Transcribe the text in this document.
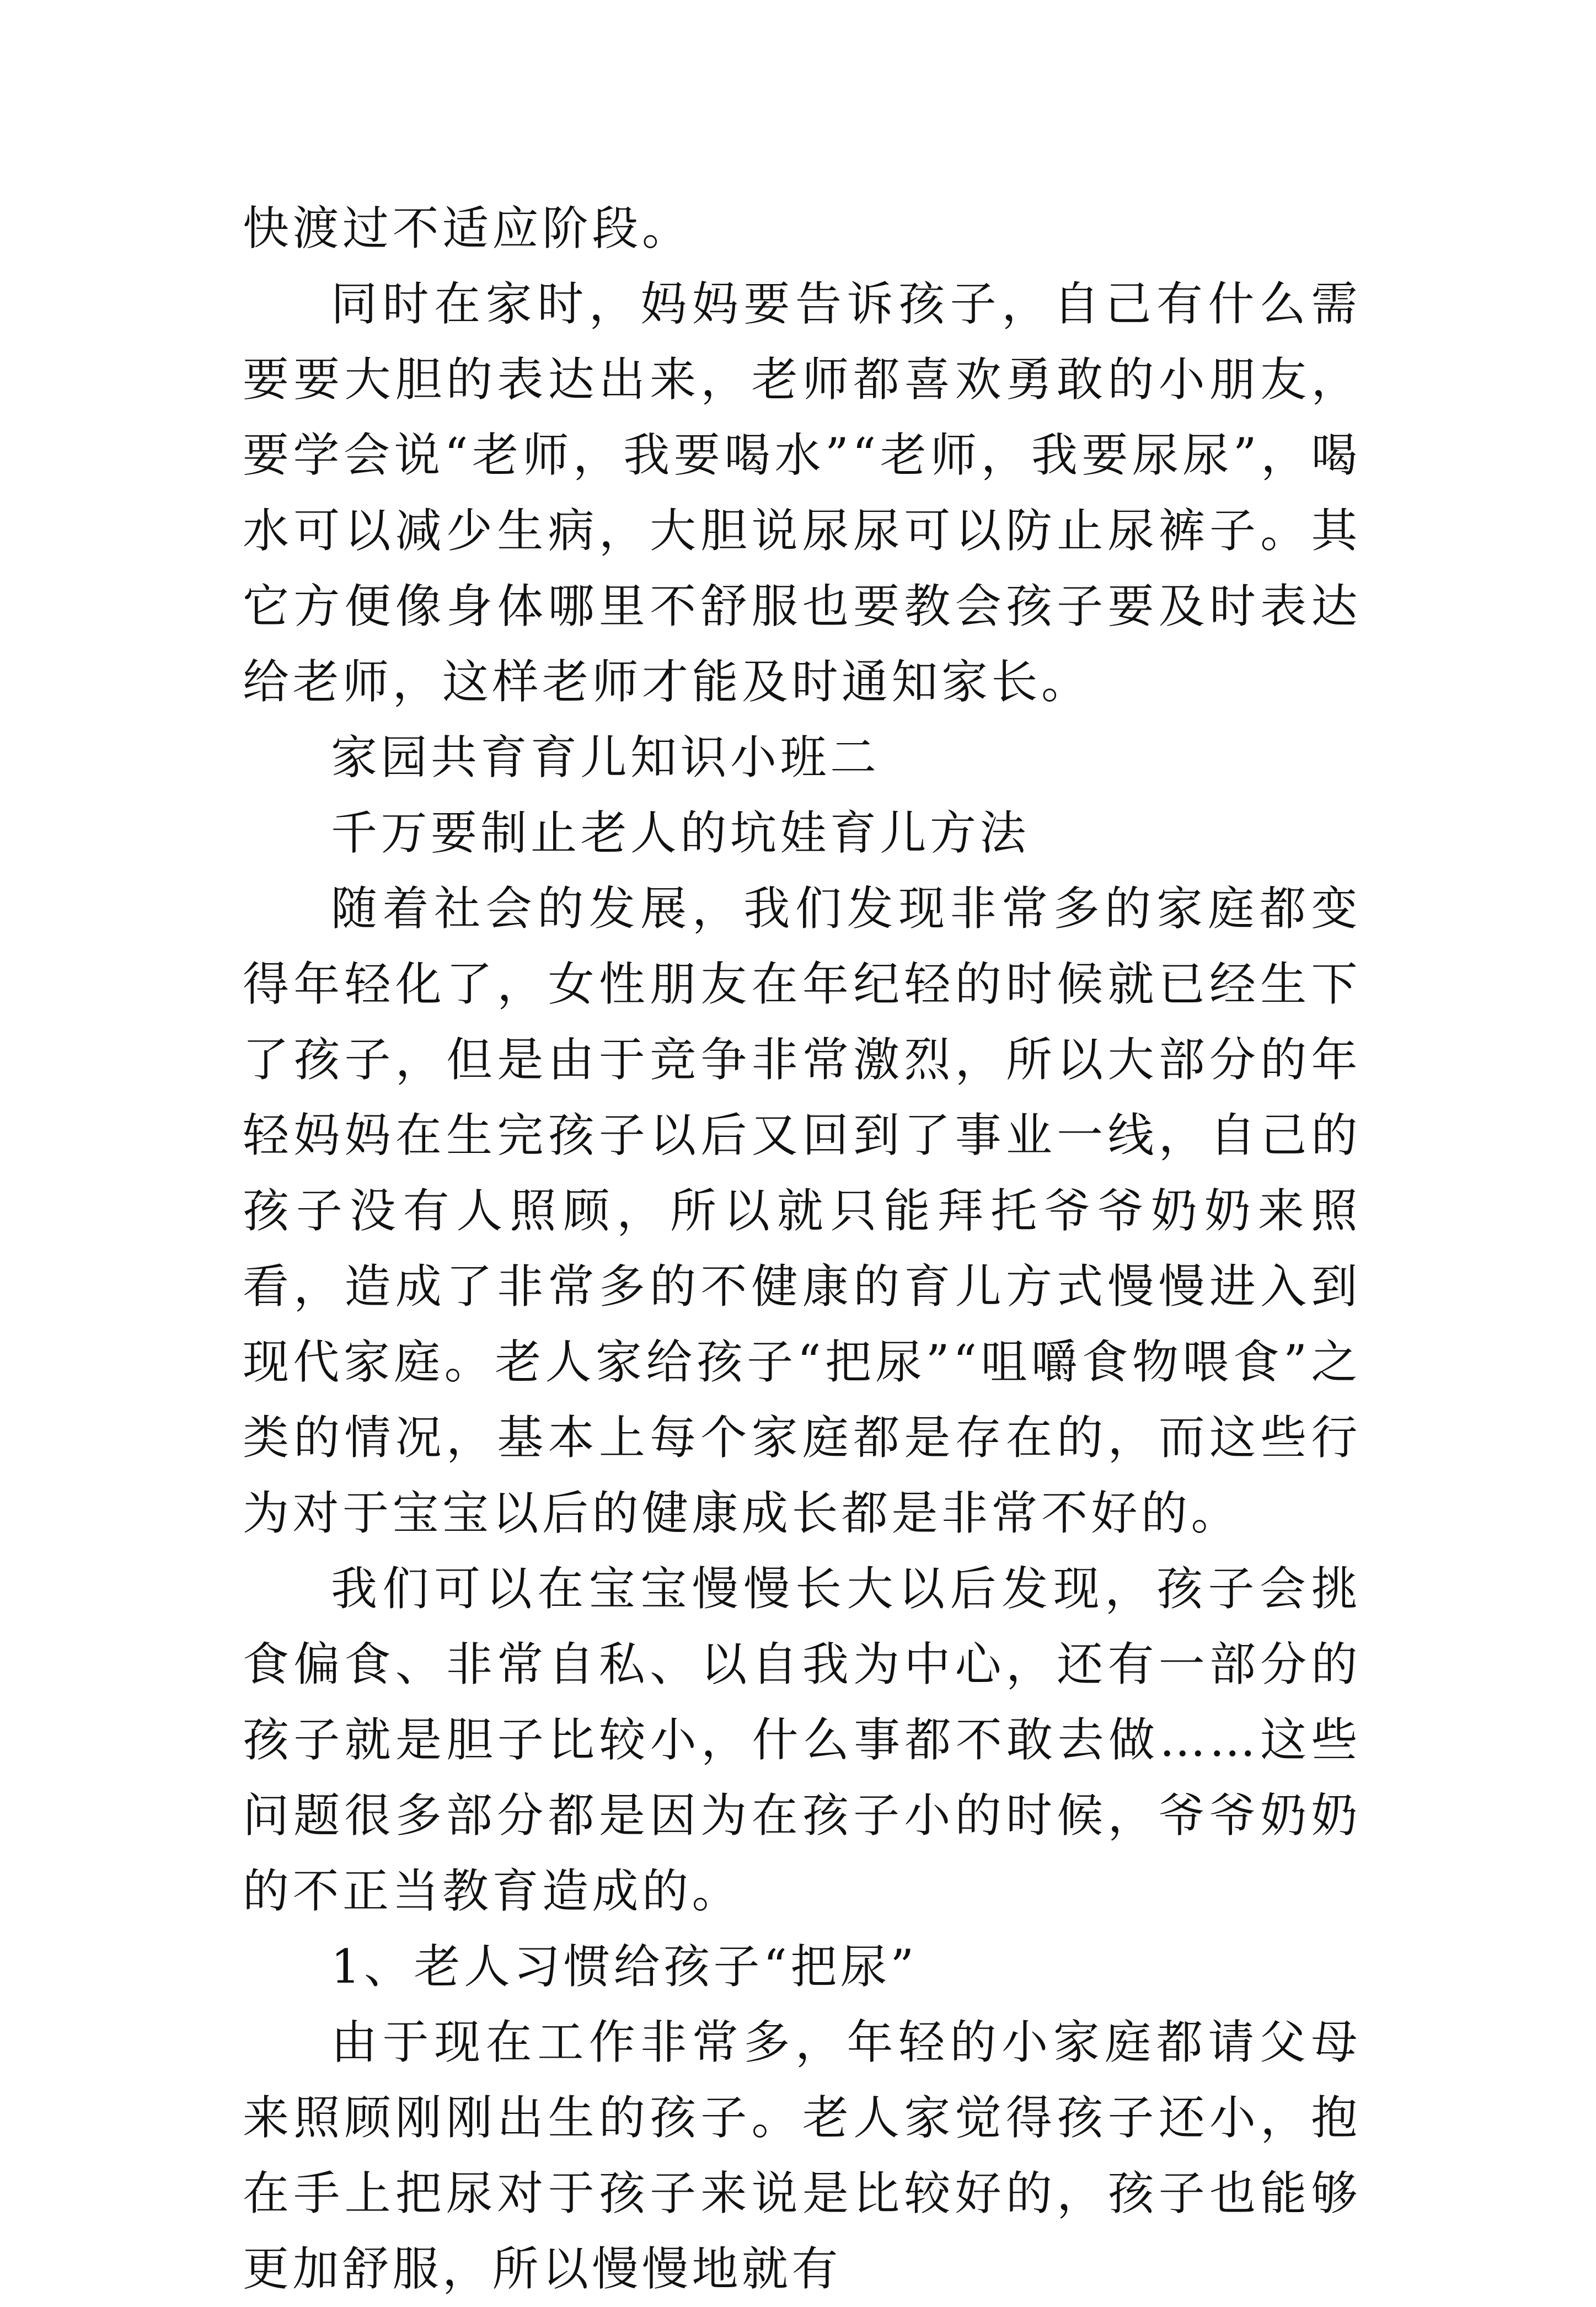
快渡过不适应阶段。

同时在家时，妈妈要告诉孩子，自己有什么需要要大胆的表达出来，老师都喜欢勇敢的小朋友，要学会说“老师，我要喝水”“老师，我要尿尿”，喝水可以减少生病，大胆说尿尿可以防止尿裤子。其它方便像身体哪里不舒服也要教会孩子要及时表达给老师，这样老师才能及时通知家长。

家园共育育儿知识小班二

千万要制止老人的坑娃育儿方法

随着社会的发展，我们发现非常多的家庭都变得年轻化了，女性朋友在年纪轻的时候就已经生下了孩子，但是由于竞争非常激烈，所以大部分的年轻妈妈在生完孩子以后又回到了事业一线，自己的孩子没有人照顾，所以就只能拜托爷爷奶奶来照看，造成了非常多的不健康的育儿方式慢慢进入到现代家庭。老人家给孩子“把尿”“咀嚼食物喂食”之类的情况，基本上每个家庭都是存在的，而这些行为对于宝宝以后的健康成长都是非常不好的。

我们可以在宝宝慢慢长大以后发现，孩子会挑食偏食、非常自私、以自我为中心，还有一部分的孩子就是胆子比较小，什么事都不敢去做……这些问题很多部分都是因为在孩子小的时候，爷爷奶奶的不正当教育造成的。

1、老人习惯给孩子“把尿”

由于现在工作非常多，年轻的小家庭都请父母来照顾刚刚出生的孩子。老人家觉得孩子还小，抱在手上把尿对于孩子来说是比较好的，孩子也能够更加舒服，所以慢慢地就有
